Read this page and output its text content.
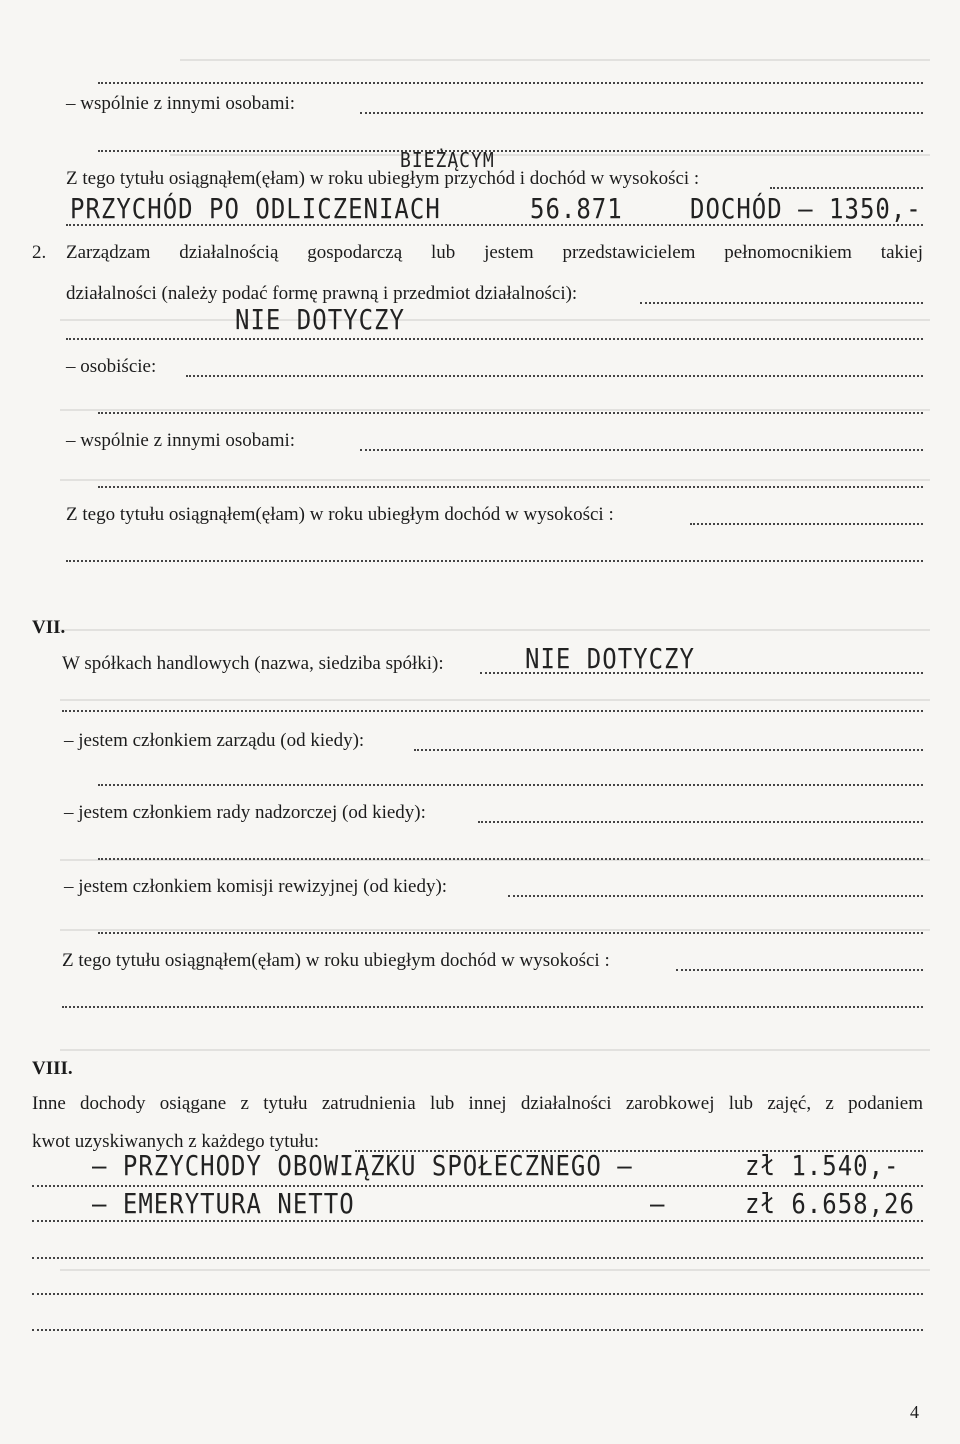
– wspólnie z innymi osobami:
BIEŻĄCYM
Z tego tytułu osiągnąłem(ęłam) w roku ubiegłym przychód i dochód w wysokości :
PRZYCHÓD PO ODLICZENIACH	56.871	DOCHÓD – 1350,-
2. Zarządzam działalnością gospodarczą lub jestem przedstawicielem pełnomocnikiem takiej
działalności (należy podać formę prawną i przedmiot działalności):
NIE DOTYCZY
– osobiście:
– wspólnie z innymi osobami:
Z tego tytułu osiągnąłem(ęłam) w roku ubiegłym dochód w wysokości :
VII.
W spółkach handlowych (nazwa, siedziba spółki):	NIE DOTYCZY
– jestem członkiem zarządu (od kiedy):
– jestem członkiem rady nadzorczej (od kiedy):
– jestem członkiem komisji rewizyjnej (od kiedy):
Z tego tytułu osiągnąłem(ęłam) w roku ubiegłym dochód w wysokości :
VIII.
Inne dochody osiągane z tytułu zatrudnienia lub innej działalności zarobkowej lub zajęć, z podaniem
kwot uzyskiwanych z każdego tytułu:
– PRZYCHODY OBOWIĄZKU SPOŁECZNEGO –	zł 1.540,-
– EMERYTURA NETTO	–	zł 6.658,26
4
